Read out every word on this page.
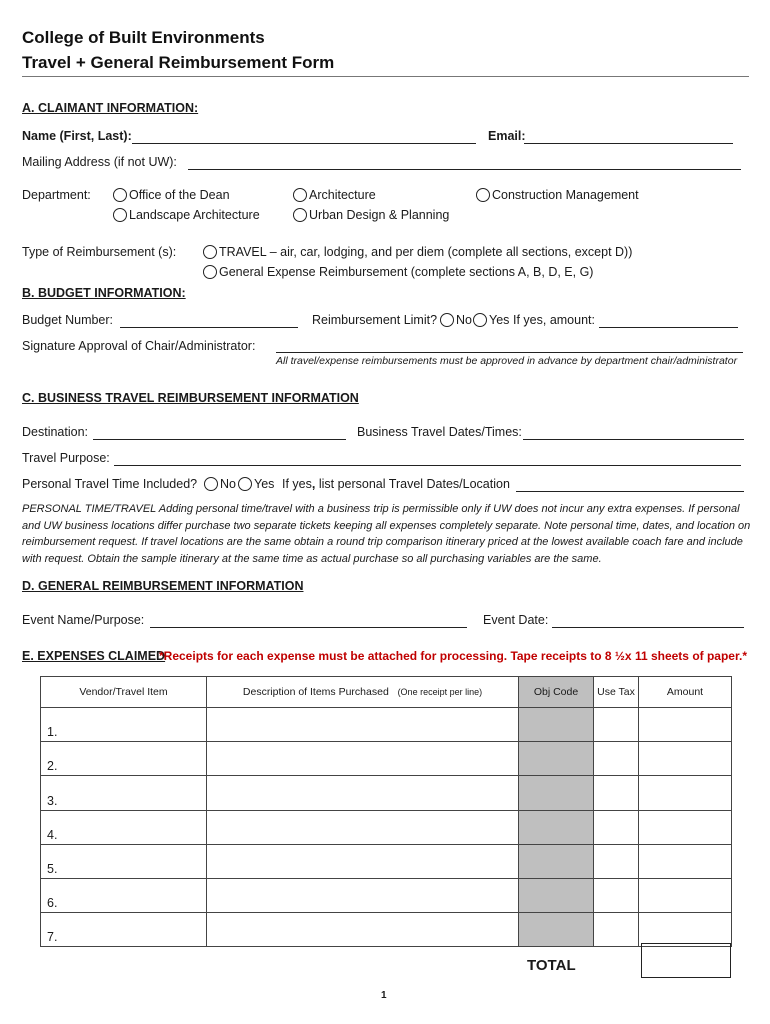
College of Built Environments
Travel + General Reimbursement Form
A. CLAIMANT INFORMATION:
Name (First, Last):	Email:
Mailing Address (if not UW):
Department:	Office of the Dean	Architecture	Construction Management
Landscape Architecture	Urban Design & Planning
Type of Reimbursement (s):	TRAVEL – air, car, lodging, and per diem (complete all sections, except D))
General Expense Reimbursement (complete sections A, B, D, E, G)
B. BUDGET INFORMATION:
Budget Number:	Reimbursement Limit?	No	Yes If yes, amount:
Signature Approval of Chair/Administrator:
All travel/expense reimbursements must be approved in advance by department chair/administrator
C. BUSINESS TRAVEL REIMBURSEMENT INFORMATION
Destination:	Business Travel Dates/Times:
Travel Purpose:
Personal Travel Time Included?	No	Yes If yes, list personal Travel Dates/Location
PERSONAL TIME/TRAVEL Adding personal time/travel with a business trip is permissible only if UW does not incur any extra expenses. If personal and UW business locations differ purchase two separate tickets keeping all expenses completely separate. Note personal time, dates, and location on reimbursement request. If travel locations are the same obtain a round trip comparison itinerary priced at the lowest available coach fare and include with request. Obtain the sample itinerary at the same time as actual purchase so all purchasing variables are the same.
D. GENERAL REIMBURSEMENT INFORMATION
Event Name/Purpose:	Event Date:
E. EXPENSES CLAIMED
*Receipts for each expense must be attached for processing. Tape receipts to 8 ½x 11 sheets of paper.*
Vendor/Travel Item	Description of Items Purchased (One receipt per line)	Obj Code	Use Tax	Amount
1.				
2.				
3.				
4.				
5.				
6.				
7.				
TOTAL
1
